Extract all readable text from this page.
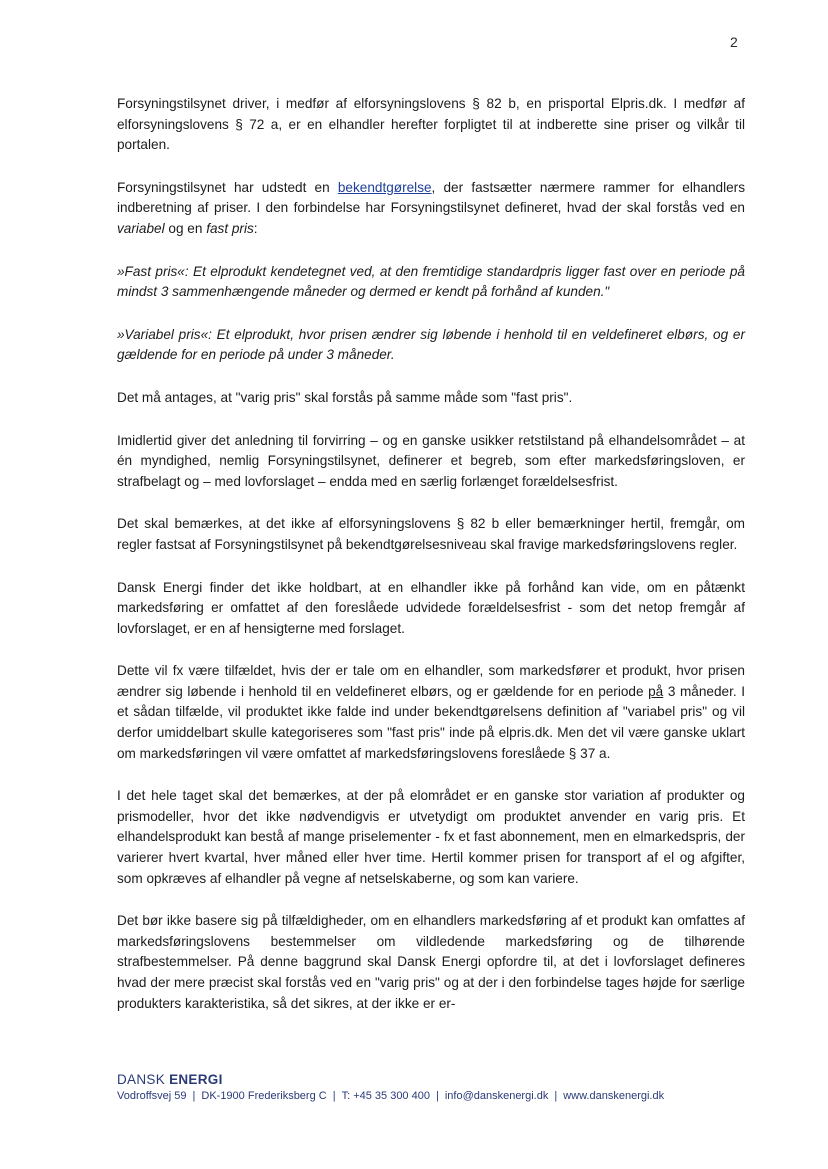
2

Forsyningstilsynet driver, i medfør af elforsyningslovens § 82 b, en prisportal Elpris.dk. I medfør af elforsyningslovens § 72 a, er en elhandler herefter forpligtet til at indberette sine priser og vilkår til portalen.

Forsyningstilsynet har udstedt en bekendtgørelse, der fastsætter nærmere rammer for elhandlers indberetning af priser. I den forbindelse har Forsyningstilsynet defineret, hvad der skal forstås ved en variabel og en fast pris:

»Fast pris«: Et elprodukt kendetegnet ved, at den fremtidige standardpris ligger fast over en periode på mindst 3 sammenhængende måneder og dermed er kendt på forhånd af kunden."

»Variabel pris«: Et elprodukt, hvor prisen ændrer sig løbende i henhold til en veldefineret elbørs, og er gældende for en periode på under 3 måneder.

Det må antages, at "varig pris" skal forstås på samme måde som "fast pris".

Imidlertid giver det anledning til forvirring – og en ganske usikker retstilstand på elhandelsområdet – at én myndighed, nemlig Forsyningstilsynet, definerer et begreb, som efter markedsføringsloven, er strafbelagt og – med lovforslaget – endda med en særlig forlænget forældelsesfrist.

Det skal bemærkes, at det ikke af elforsyningslovens § 82 b eller bemærkninger hertil, fremgår, om regler fastsat af Forsyningstilsynet på bekendtgørelsesniveau skal fravige markedsføringslovens regler.

Dansk Energi finder det ikke holdbart, at en elhandler ikke på forhånd kan vide, om en påtænkt markedsføring er omfattet af den foreslåede udvidede forældelsesfrist - som det netop fremgår af lovforslaget, er en af hensigterne med forslaget.

Dette vil fx være tilfældet, hvis der er tale om en elhandler, som markedsfører et produkt, hvor prisen ændrer sig løbende i henhold til en veldefineret elbørs, og er gældende for en periode på 3 måneder. I et sådan tilfælde, vil produktet ikke falde ind under bekendtgørelsens definition af "variabel pris" og vil derfor umiddelbart skulle kategoriseres som "fast pris" inde på elpris.dk. Men det vil være ganske uklart om markedsføringen vil være omfattet af markedsføringslovens foreslåede § 37 a.

I det hele taget skal det bemærkes, at der på elområdet er en ganske stor variation af produkter og prismodeller, hvor det ikke nødvendigvis er utvetydigt om produktet anvender en varig pris. Et elhandelsprodukt kan bestå af mange priselementer - fx et fast abonnement, men en elmarkedspris, der varierer hvert kvartal, hver måned eller hver time. Hertil kommer prisen for transport af el og afgifter, som opkræves af elhandler på vegne af netselskaberne, og som kan variere.

Det bør ikke basere sig på tilfældigheder, om en elhandlers markedsføring af et produkt kan omfattes af markedsføringslovens bestemmelser om vildledende markedsføring og de tilhørende strafbestemmelser. På denne baggrund skal Dansk Energi opfordre til, at det i lovforslaget defineres hvad der mere præcist skal forstås ved en "varig pris" og at der i den forbindelse tages højde for særlige produkters karakteristika, så det sikres, at der ikke er er-

DANSK ENERGI
Vodroffsvej 59 | DK-1900 Frederiksberg C | T: +45 35 300 400 | info@danskenergi.dk | www.danskenergi.dk
